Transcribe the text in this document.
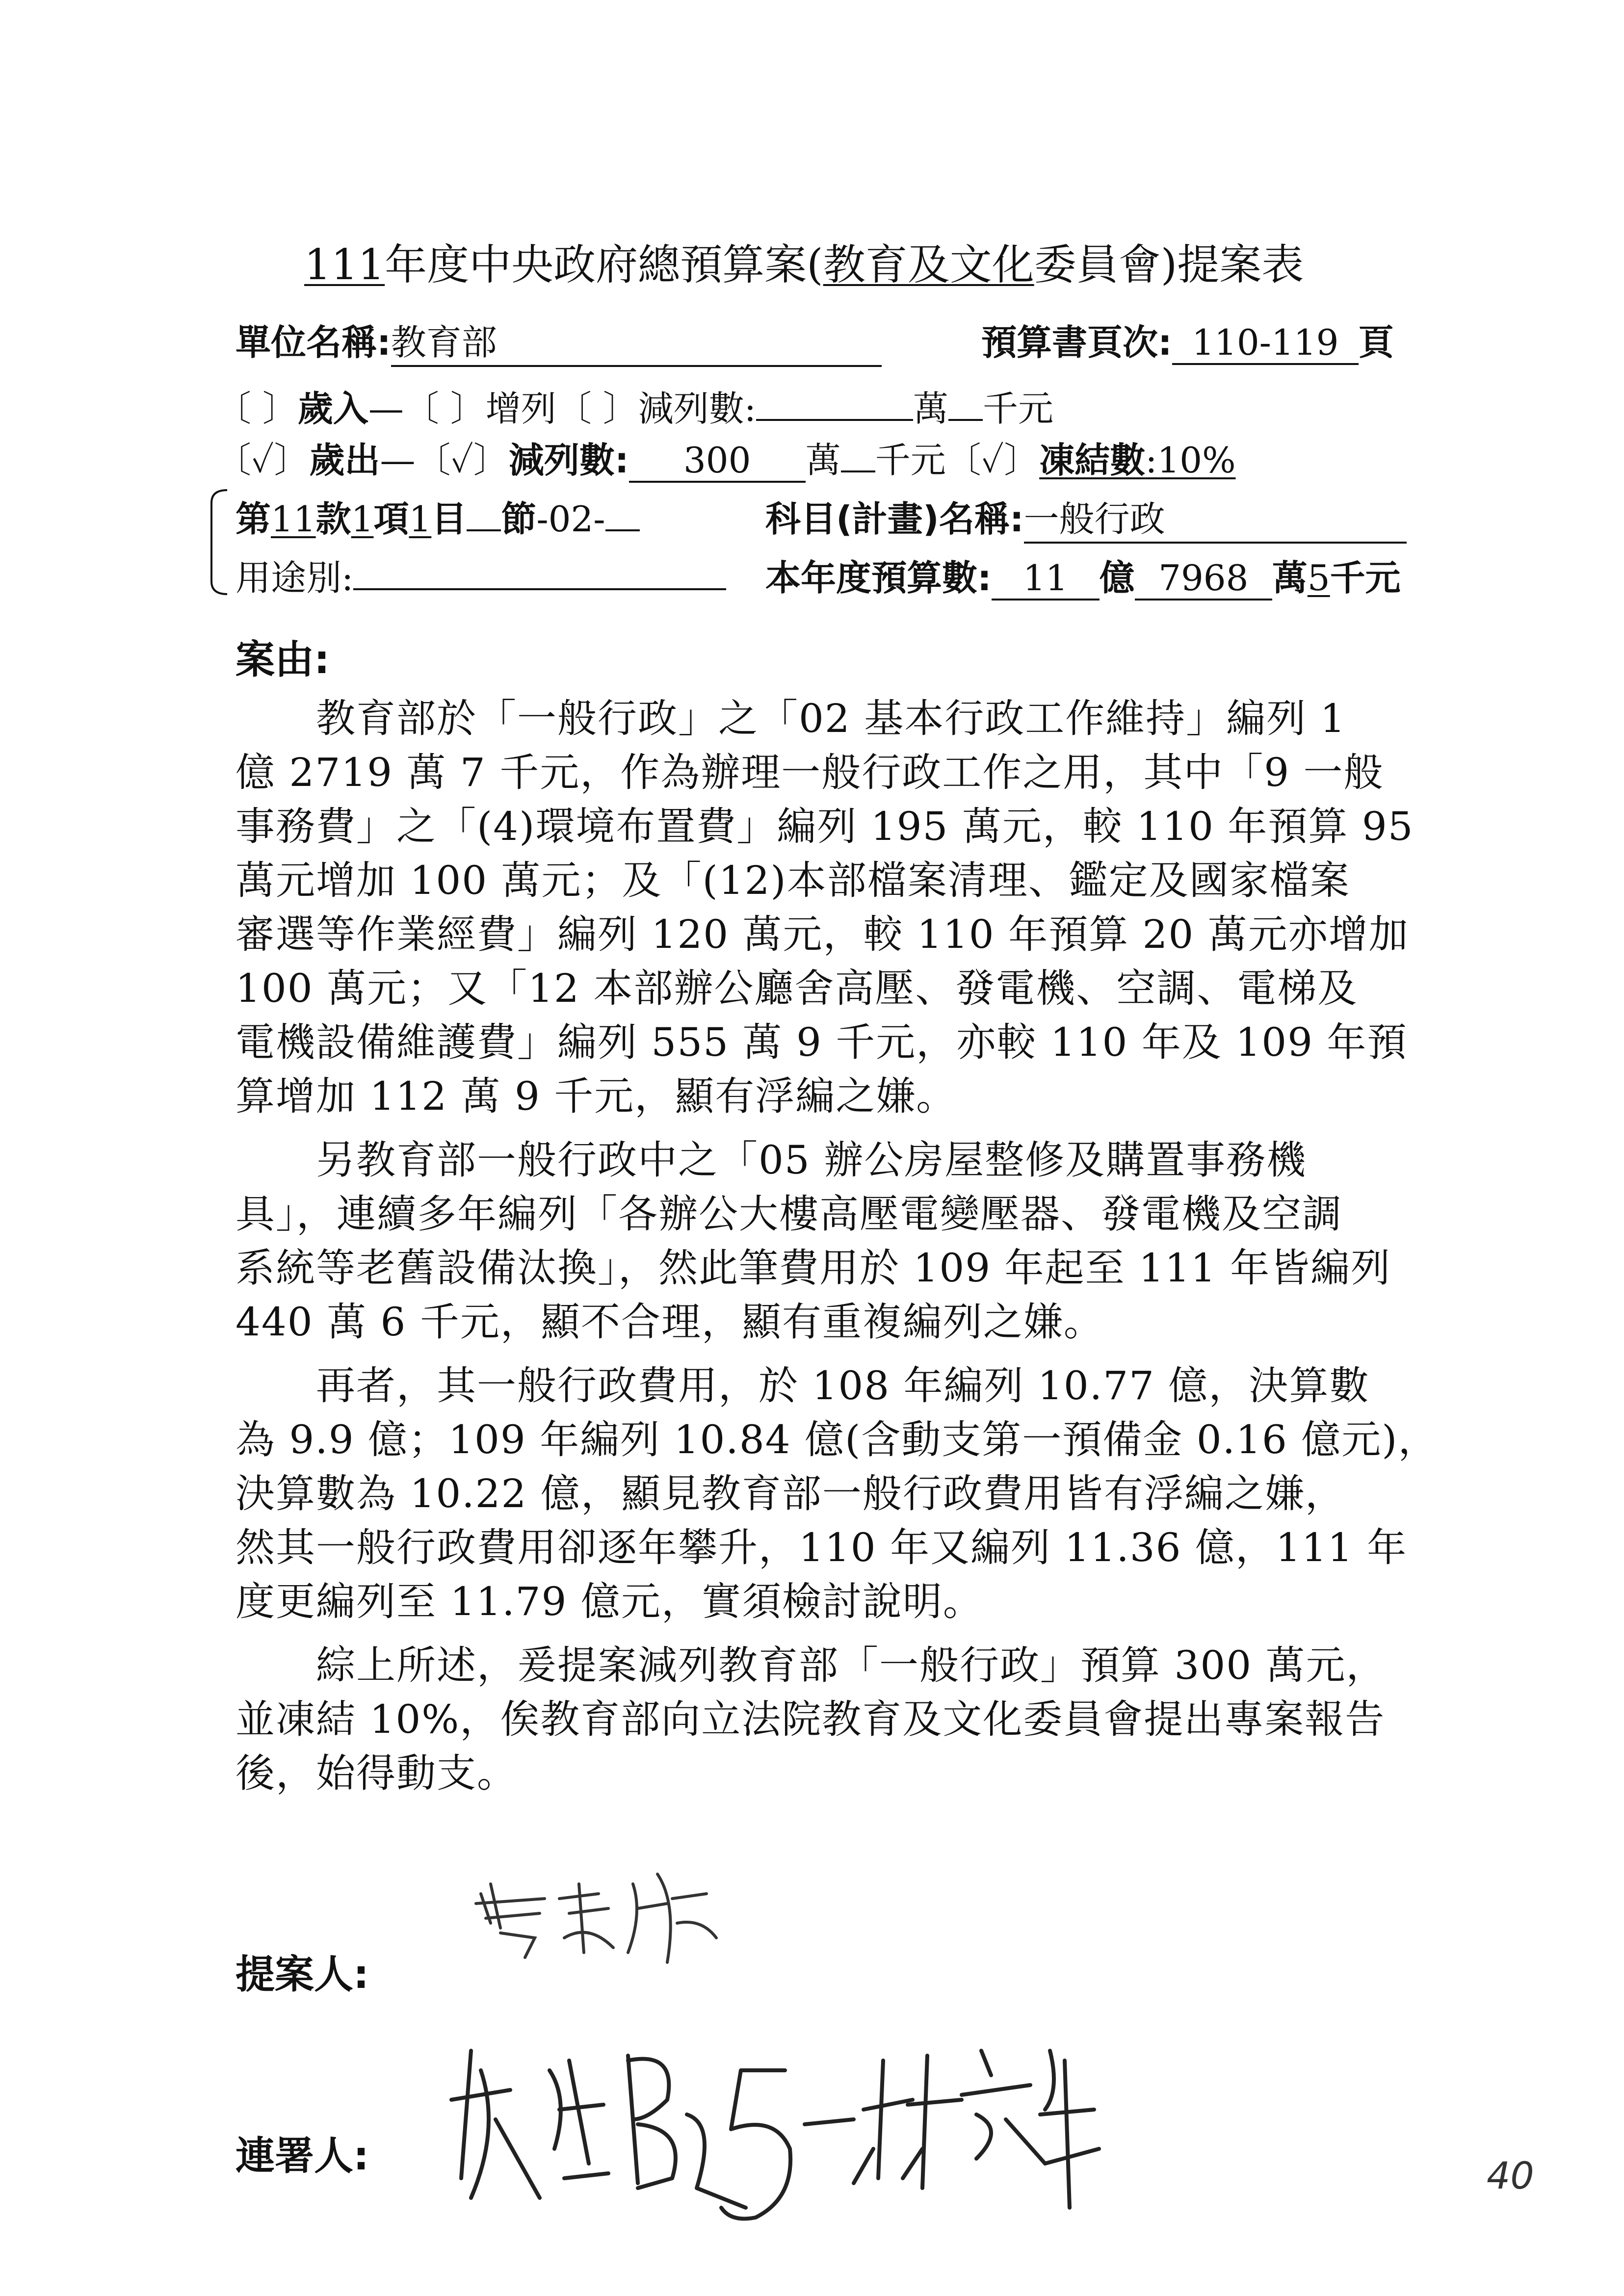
111年度中央政府總預算案(教育及文化委員會)提案表
單位名稱:教育部	預算書頁次: 110-119 頁
〔 〕歲入—〔 〕增列〔 〕減列數:	萬 千元
〔✓〕歲出—〔✓〕減列數: 300 萬 千元〔✓〕凍結數:10%
第11款1項1目 節-02-	科目(計畫)名稱:一般行政
用途別:	本年度預算數: 11 億 7968 萬5千元
案由:
　　教育部於「一般行政」之「02 基本行政工作維持」編列 1
億 2719 萬 7 千元，作為辦理一般行政工作之用，其中「9 一般
事務費」之「(4)環境布置費」編列 195 萬元，較 110 年預算 95
萬元增加 100 萬元；及「(12)本部檔案清理、鑑定及國家檔案
審選等作業經費」編列 120 萬元，較 110 年預算 20 萬元亦增加
100 萬元；又「12 本部辦公廳舍高壓、發電機、空調、電梯及
電機設備維護費」編列 555 萬 9 千元，亦較 110 年及 109 年預
算增加 112 萬 9 千元，顯有浮編之嫌。
　　另教育部一般行政中之「05 辦公房屋整修及購置事務機
具」，連續多年編列「各辦公大樓高壓電變壓器、發電機及空調
系統等老舊設備汰換」，然此筆費用於 109 年起至 111 年皆編列
440 萬 6 千元，顯不合理，顯有重複編列之嫌。
　　再者，其一般行政費用，於 108 年編列 10.77 億，決算數
為 9.9 億；109 年編列 10.84 億(含動支第一預備金 0.16 億元)，
決算數為 10.22 億，顯見教育部一般行政費用皆有浮編之嫌，
然其一般行政費用卻逐年攀升，110 年又編列 11.36 億，111 年
度更編列至 11.79 億元，實須檢討說明。
　　綜上所述，爰提案減列教育部「一般行政」預算 300 萬元，
並凍結 10%，俟教育部向立法院教育及文化委員會提出專案報告
後，始得動支。
提案人:
連署人:	40
